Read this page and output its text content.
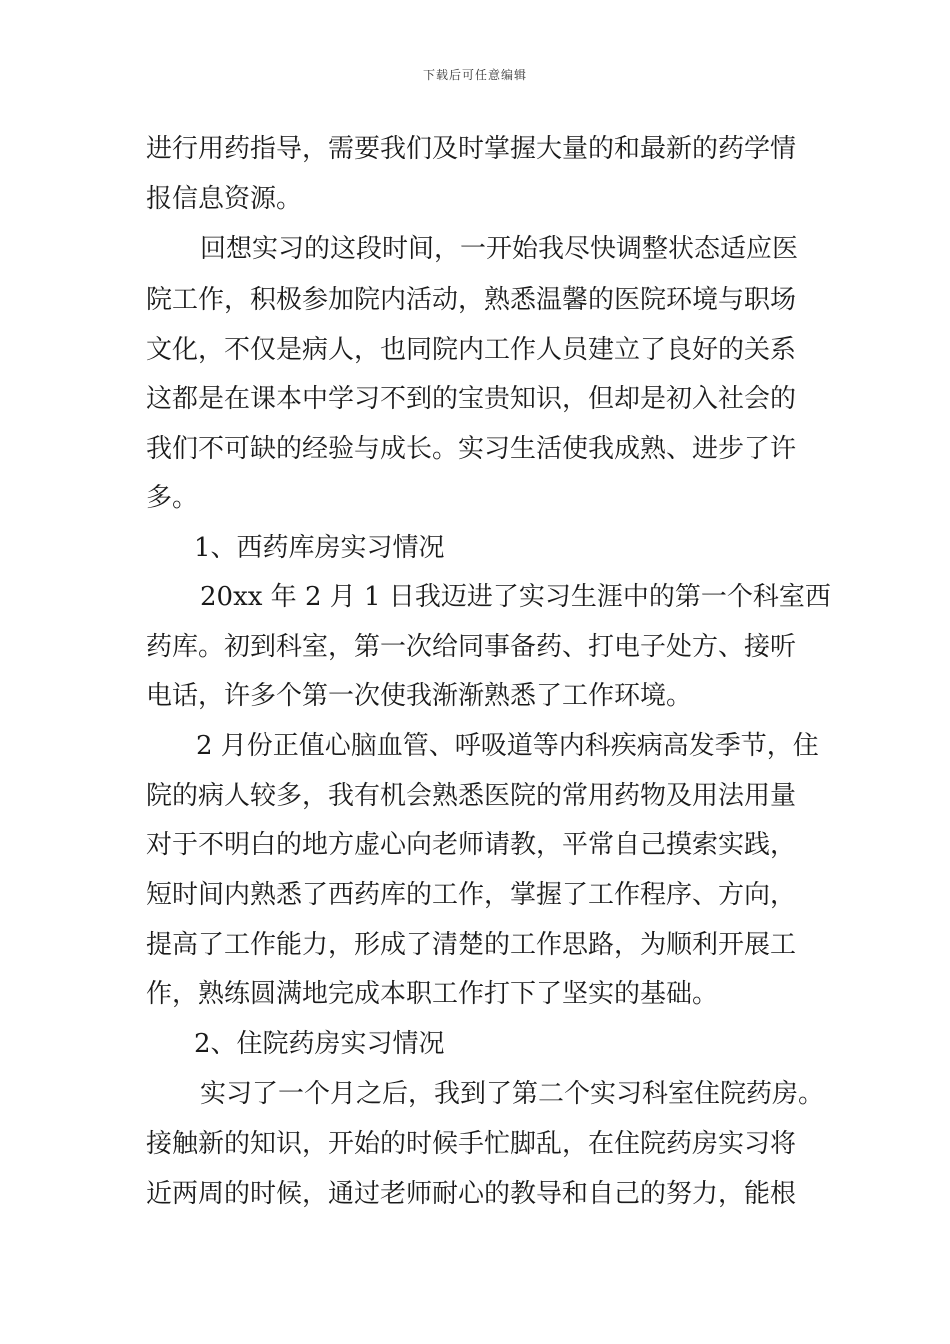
下载后可任意编辑
进行用药指导，需要我们及时掌握大量的和最新的药学情
报信息资源。
回想实习的这段时间，一开始我尽快调整状态适应医
院工作，积极参加院内活动，熟悉温馨的医院环境与职场
文化，不仅是病人，也同院内工作人员建立了良好的关系
这都是在课本中学习不到的宝贵知识，但却是初入社会的
我们不可缺的经验与成长。实习生活使我成熟、进步了许
多。
1、西药库房实习情况
20xx 年 2 月 1 日我迈进了实习生涯中的第一个科室西
药库。初到科室，第一次给同事备药、打电子处方、接听
电话，许多个第一次使我渐渐熟悉了工作环境。
2 月份正值心脑血管、呼吸道等内科疾病高发季节，住
院的病人较多，我有机会熟悉医院的常用药物及用法用量
对于不明白的地方虚心向老师请教，平常自己摸索实践，
短时间内熟悉了西药库的工作，掌握了工作程序、方向，
提高了工作能力，形成了清楚的工作思路，为顺利开展工
作，熟练圆满地完成本职工作打下了坚实的基础。
2、住院药房实习情况
实习了一个月之后，我到了第二个实习科室住院药房。
接触新的知识，开始的时候手忙脚乱，在住院药房实习将
近两周的时候，通过老师耐心的教导和自己的努力，能根
